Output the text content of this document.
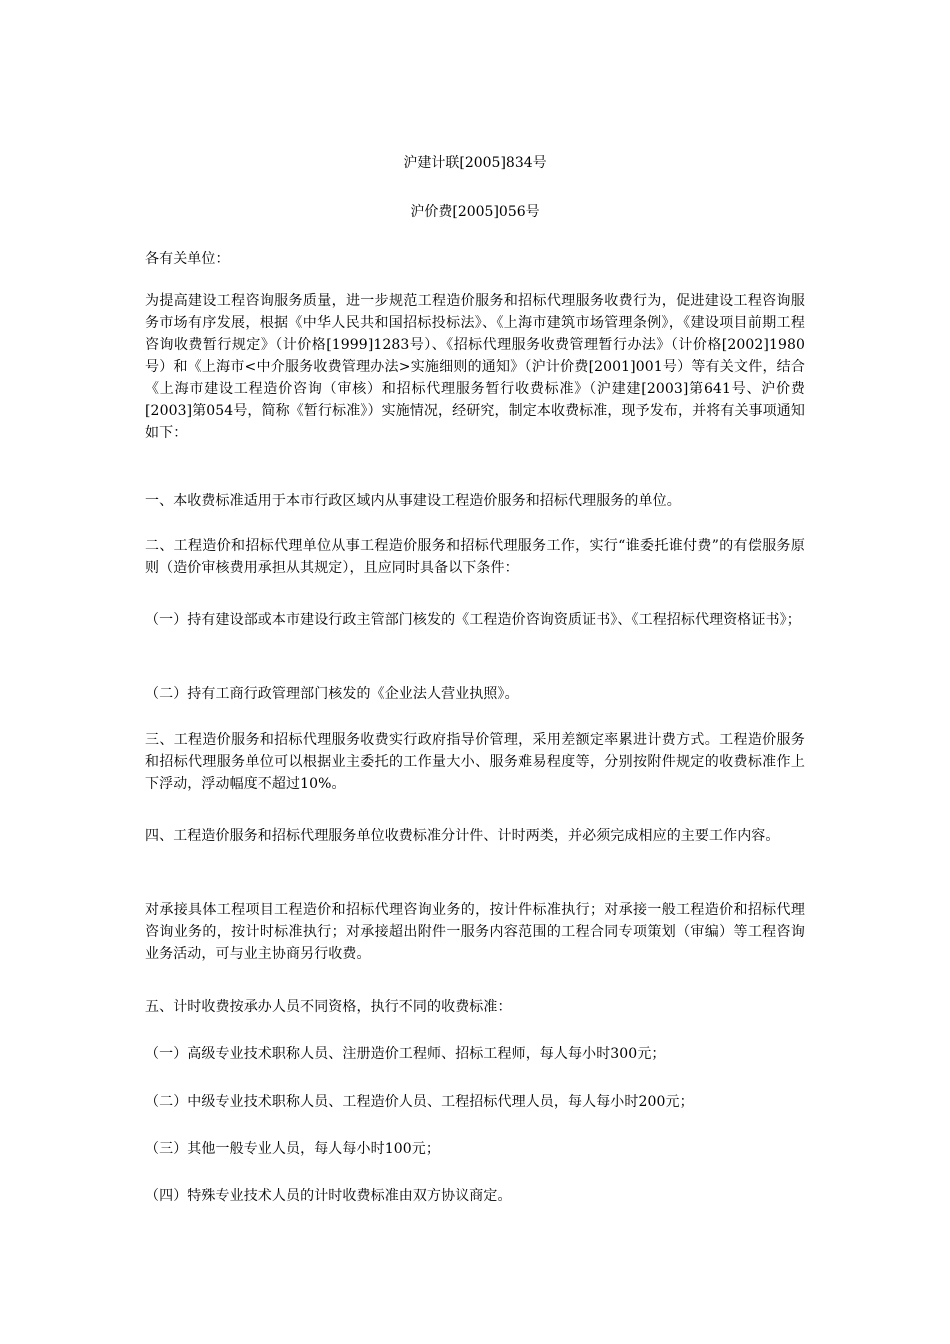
沪建计联[2005]834号
沪价费[2005]056号

各有关单位：

为提高建设工程咨询服务质量，进一步规范工程造价服务和招标代理服务收费行为，促进建设工程咨询服务市场有序发展，根据《中华人民共和国招标投标法》、《上海市建筑市场管理条例》，《建设项目前期工程咨询收费暂行规定》（计价格[1999]1283号）、《招标代理服务收费管理暂行办法》（计价格[2002]1980号）和《上海市<中介服务收费管理办法>实施细则的通知》（沪计价费[2001]001号）等有关文件，结合《上海市建设工程造价咨询（审核）和招标代理服务暂行收费标准》（沪建建[2003]第641号、沪价费[2003]第054号，简称《暂行标准》）实施情况，经研究，制定本收费标准，现予发布，并将有关事项通知如下：

一、本收费标准适用于本市行政区域内从事建设工程造价服务和招标代理服务的单位。

二、工程造价和招标代理单位从事工程造价服务和招标代理服务工作，实行“谁委托谁付费”的有偿服务原则（造价审核费用承担从其规定），且应同时具备以下条件：

（一）持有建设部或本市建设行政主管部门核发的《工程造价咨询资质证书》、《工程招标代理资格证书》；

（二）持有工商行政管理部门核发的《企业法人营业执照》。

三、工程造价服务和招标代理服务收费实行政府指导价管理，采用差额定率累进计费方式。工程造价服务和招标代理服务单位可以根据业主委托的工作量大小、服务难易程度等，分别按附件规定的收费标准作上下浮动，浮动幅度不超过10%。

四、工程造价服务和招标代理服务单位收费标准分计件、计时两类，并必须完成相应的主要工作内容。

对承接具体工程项目工程造价和招标代理咨询业务的，按计件标准执行；对承接一般工程造价和招标代理咨询业务的，按计时标准执行；对承接超出附件一服务内容范围的工程合同专项策划（审编）等工程咨询业务活动，可与业主协商另行收费。

五、计时收费按承办人员不同资格，执行不同的收费标准：

（一）高级专业技术职称人员、注册造价工程师、招标工程师，每人每小时300元；

（二）中级专业技术职称人员、工程造价人员、工程招标代理人员，每人每小时200元；

（三）其他一般专业人员，每人每小时100元；

（四）特殊专业技术人员的计时收费标准由双方协议商定。
